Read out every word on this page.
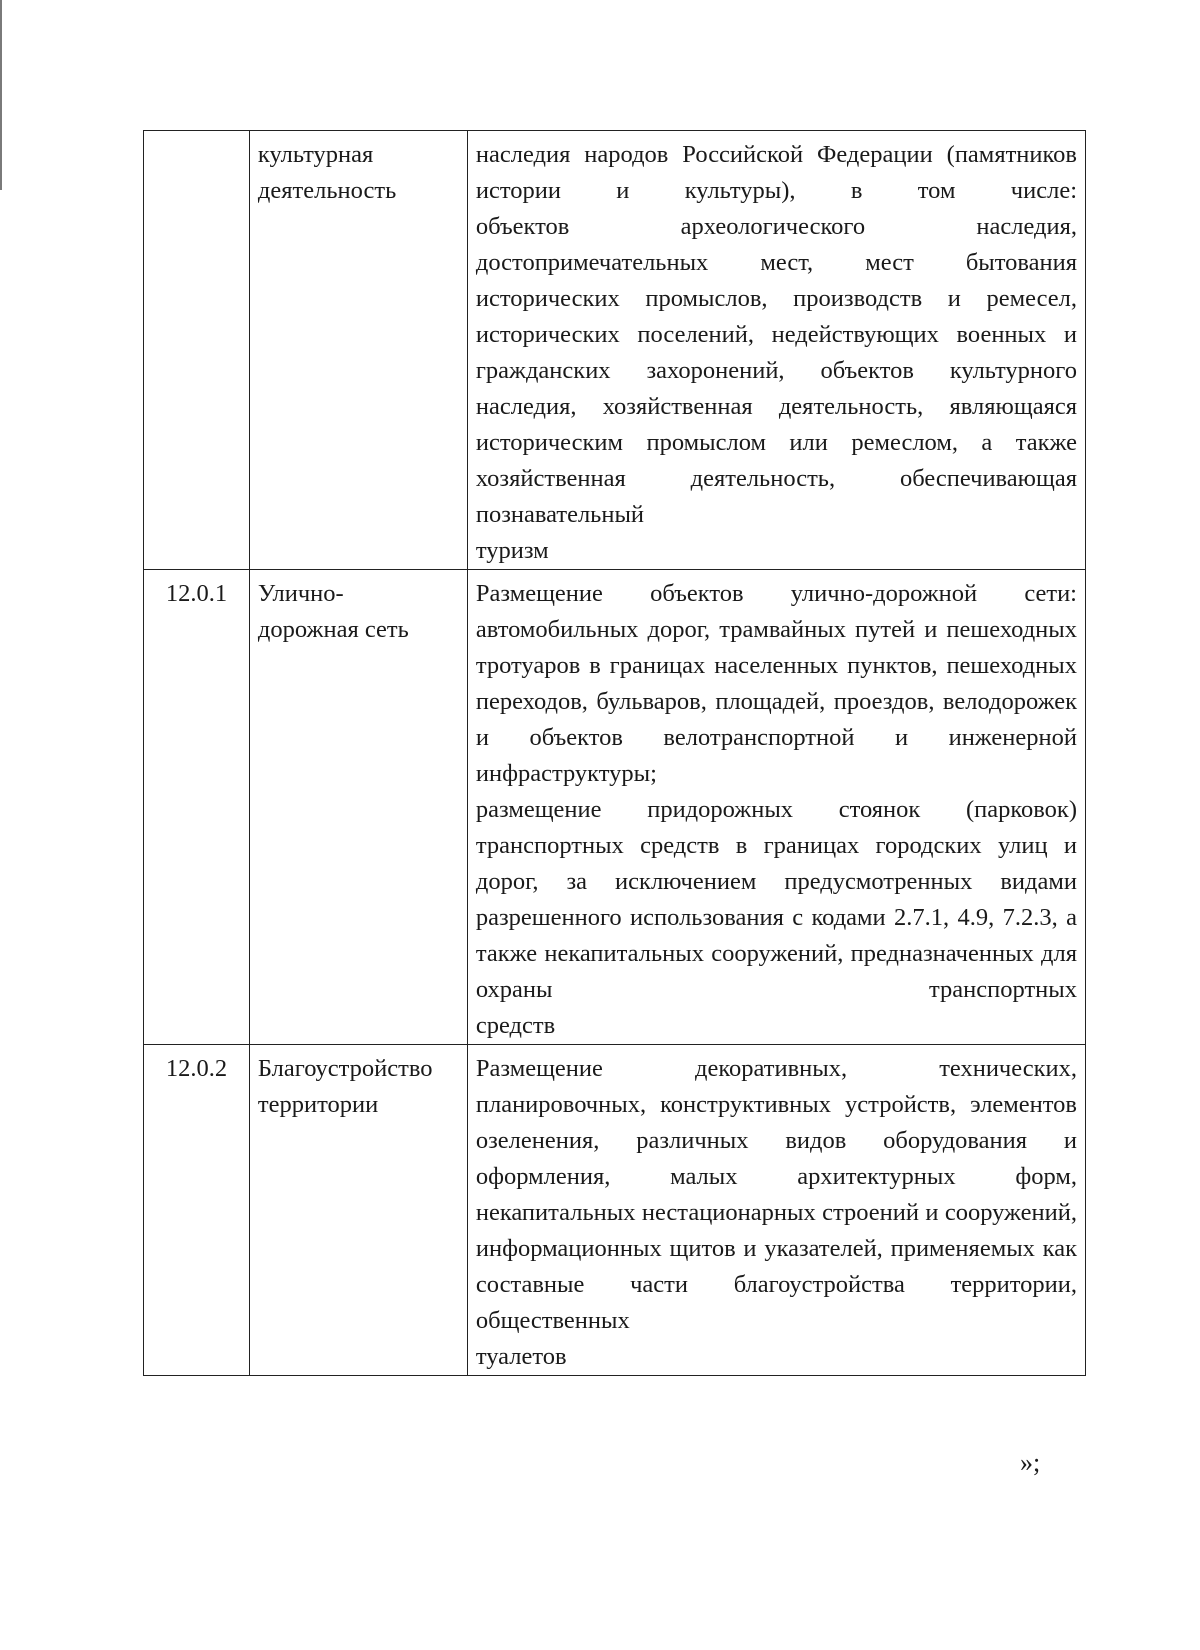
	культурная
деятельность	наследия народов Российской Федерации (памятников истории и культуры), в том числе:
объектов археологического наследия, достопримечательных мест, мест бытования исторических промыслов, производств и ремесел, исторических поселений, недействующих военных и гражданских захоронений, объектов культурного наследия, хозяйственная деятельность, являющаяся историческим промыслом или ремеслом, а также хозяйственная деятельность, обеспечивающая познавательный
туризм

12.0.1	Улично-
дорожная сеть	Размещение объектов улично-дорожной сети: автомобильных дорог, трамвайных путей и пешеходных тротуаров в границах населенных пунктов, пешеходных переходов, бульваров, площадей, проездов, велодорожек и объектов велотранспортной и инженерной инфраструктуры;
размещение придорожных стоянок (парковок) транспортных средств в границах городских улиц и дорог, за исключением предусмотренных видами разрешенного использования с кодами 2.7.1, 4.9, 7.2.3, а также некапитальных сооружений, предназначенных для охраны транспортных
средств

12.0.2	Благоустройство
территории	Размещение декоративных, технических, планировочных, конструктивных устройств, элементов озеленения, различных видов оборудования и оформления, малых архитектурных форм, некапитальных нестационарных строений и сооружений, информационных щитов и указателей, применяемых как составные части благоустройства территории, общественных
туалетов
»;
